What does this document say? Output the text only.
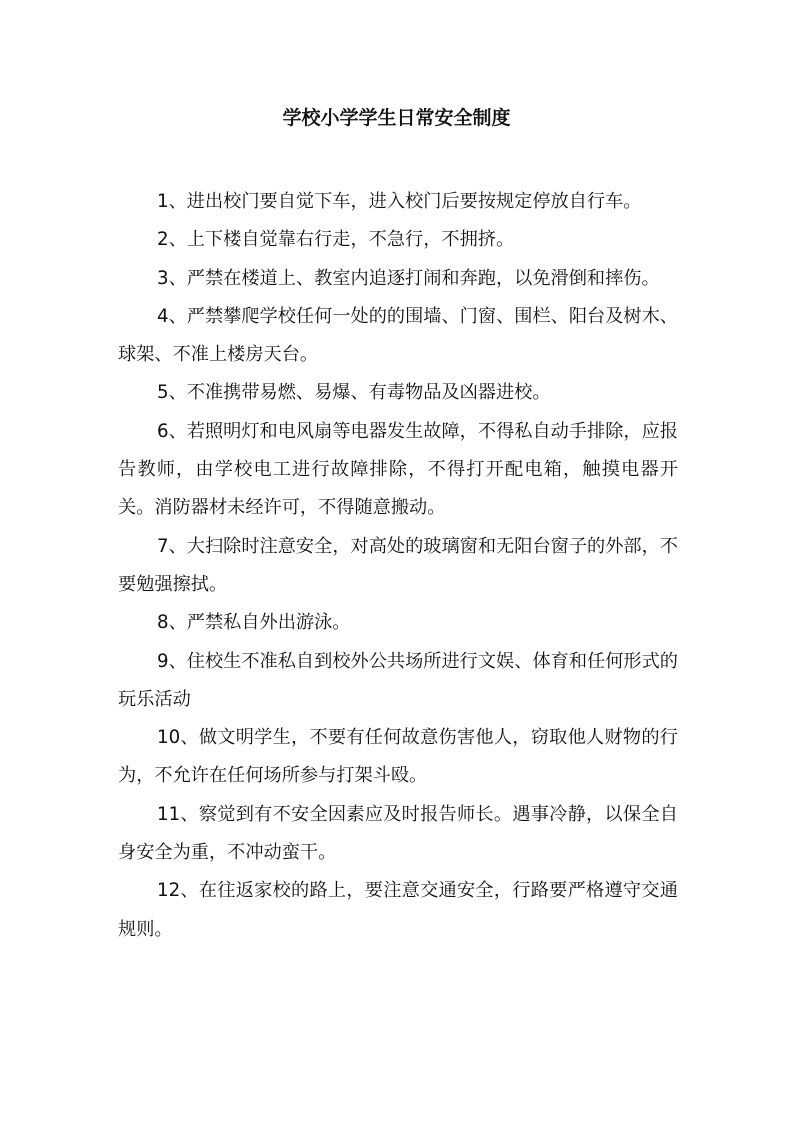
学校小学学生日常安全制度

1、进出校门要自觉下车，进入校门后要按规定停放自行车。

2、上下楼自觉靠右行走，不急行，不拥挤。

3、严禁在楼道上、教室内追逐打闹和奔跑，以免滑倒和摔伤。

4、严禁攀爬学校任何一处的的围墙、门窗、围栏、阳台及树木、球架、不准上楼房天台。

5、不准携带易燃、易爆、有毒物品及凶器进校。

6、若照明灯和电风扇等电器发生故障，不得私自动手排除，应报告教师，由学校电工进行故障排除，不得打开配电箱，触摸电器开关。消防器材未经许可，不得随意搬动。

7、大扫除时注意安全，对高处的玻璃窗和无阳台窗子的外部，不要勉强擦拭。

8、严禁私自外出游泳。

9、住校生不准私自到校外公共场所进行文娱、体育和任何形式的玩乐活动

10、做文明学生，不要有任何故意伤害他人，窃取他人财物的行为，不允许在任何场所参与打架斗殴。

11、察觉到有不安全因素应及时报告师长。遇事冷静，以保全自身安全为重，不冲动蛮干。

12、在往返家校的路上，要注意交通安全，行路要严格遵守交通规则。
